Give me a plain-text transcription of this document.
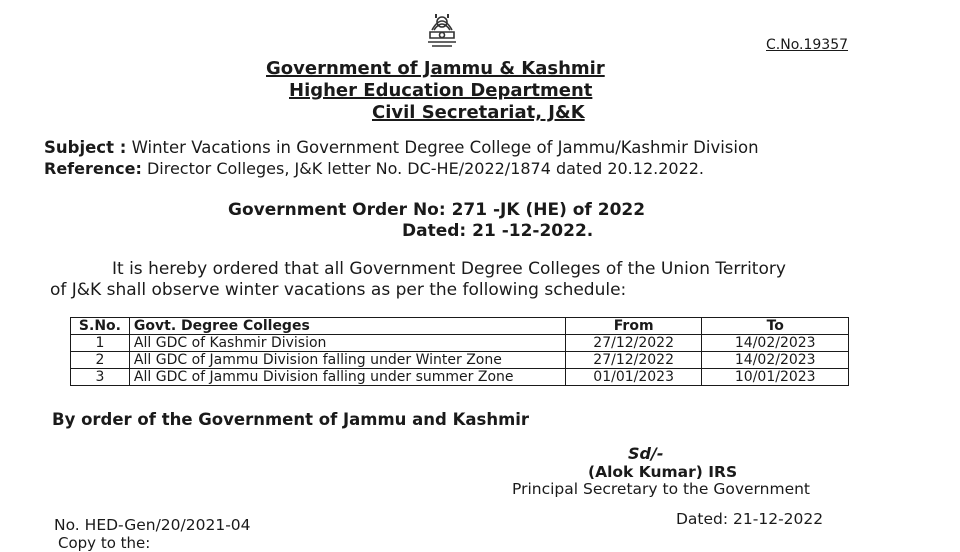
C.No.19357
Government of Jammu & Kashmir
Higher Education Department
Civil Secretariat, J&K
Subject : Winter Vacations in Government Degree College of Jammu/Kashmir Division
Reference: Director Colleges, J&K letter No. DC-HE/2022/1874 dated 20.12.2022.
Government Order No: 271 -JK (HE) of 2022
Dated: 21 -12-2022.
It is hereby ordered that all Government Degree Colleges of the Union Territory
of J&K shall observe winter vacations as per the following schedule:
S.No.	Govt. Degree Colleges	From	To
1	All GDC of Kashmir Division	27/12/2022	14/02/2023
2	All GDC of Jammu Division falling under Winter Zone	27/12/2022	14/02/2023
3	All GDC of Jammu Division falling under summer Zone	01/01/2023	10/01/2023
By order of the Government of Jammu and Kashmir
Sd/-
(Alok Kumar) IRS
Principal Secretary to the Government
No. HED-Gen/20/2021-04	Dated: 21-12-2022
Copy to the:
